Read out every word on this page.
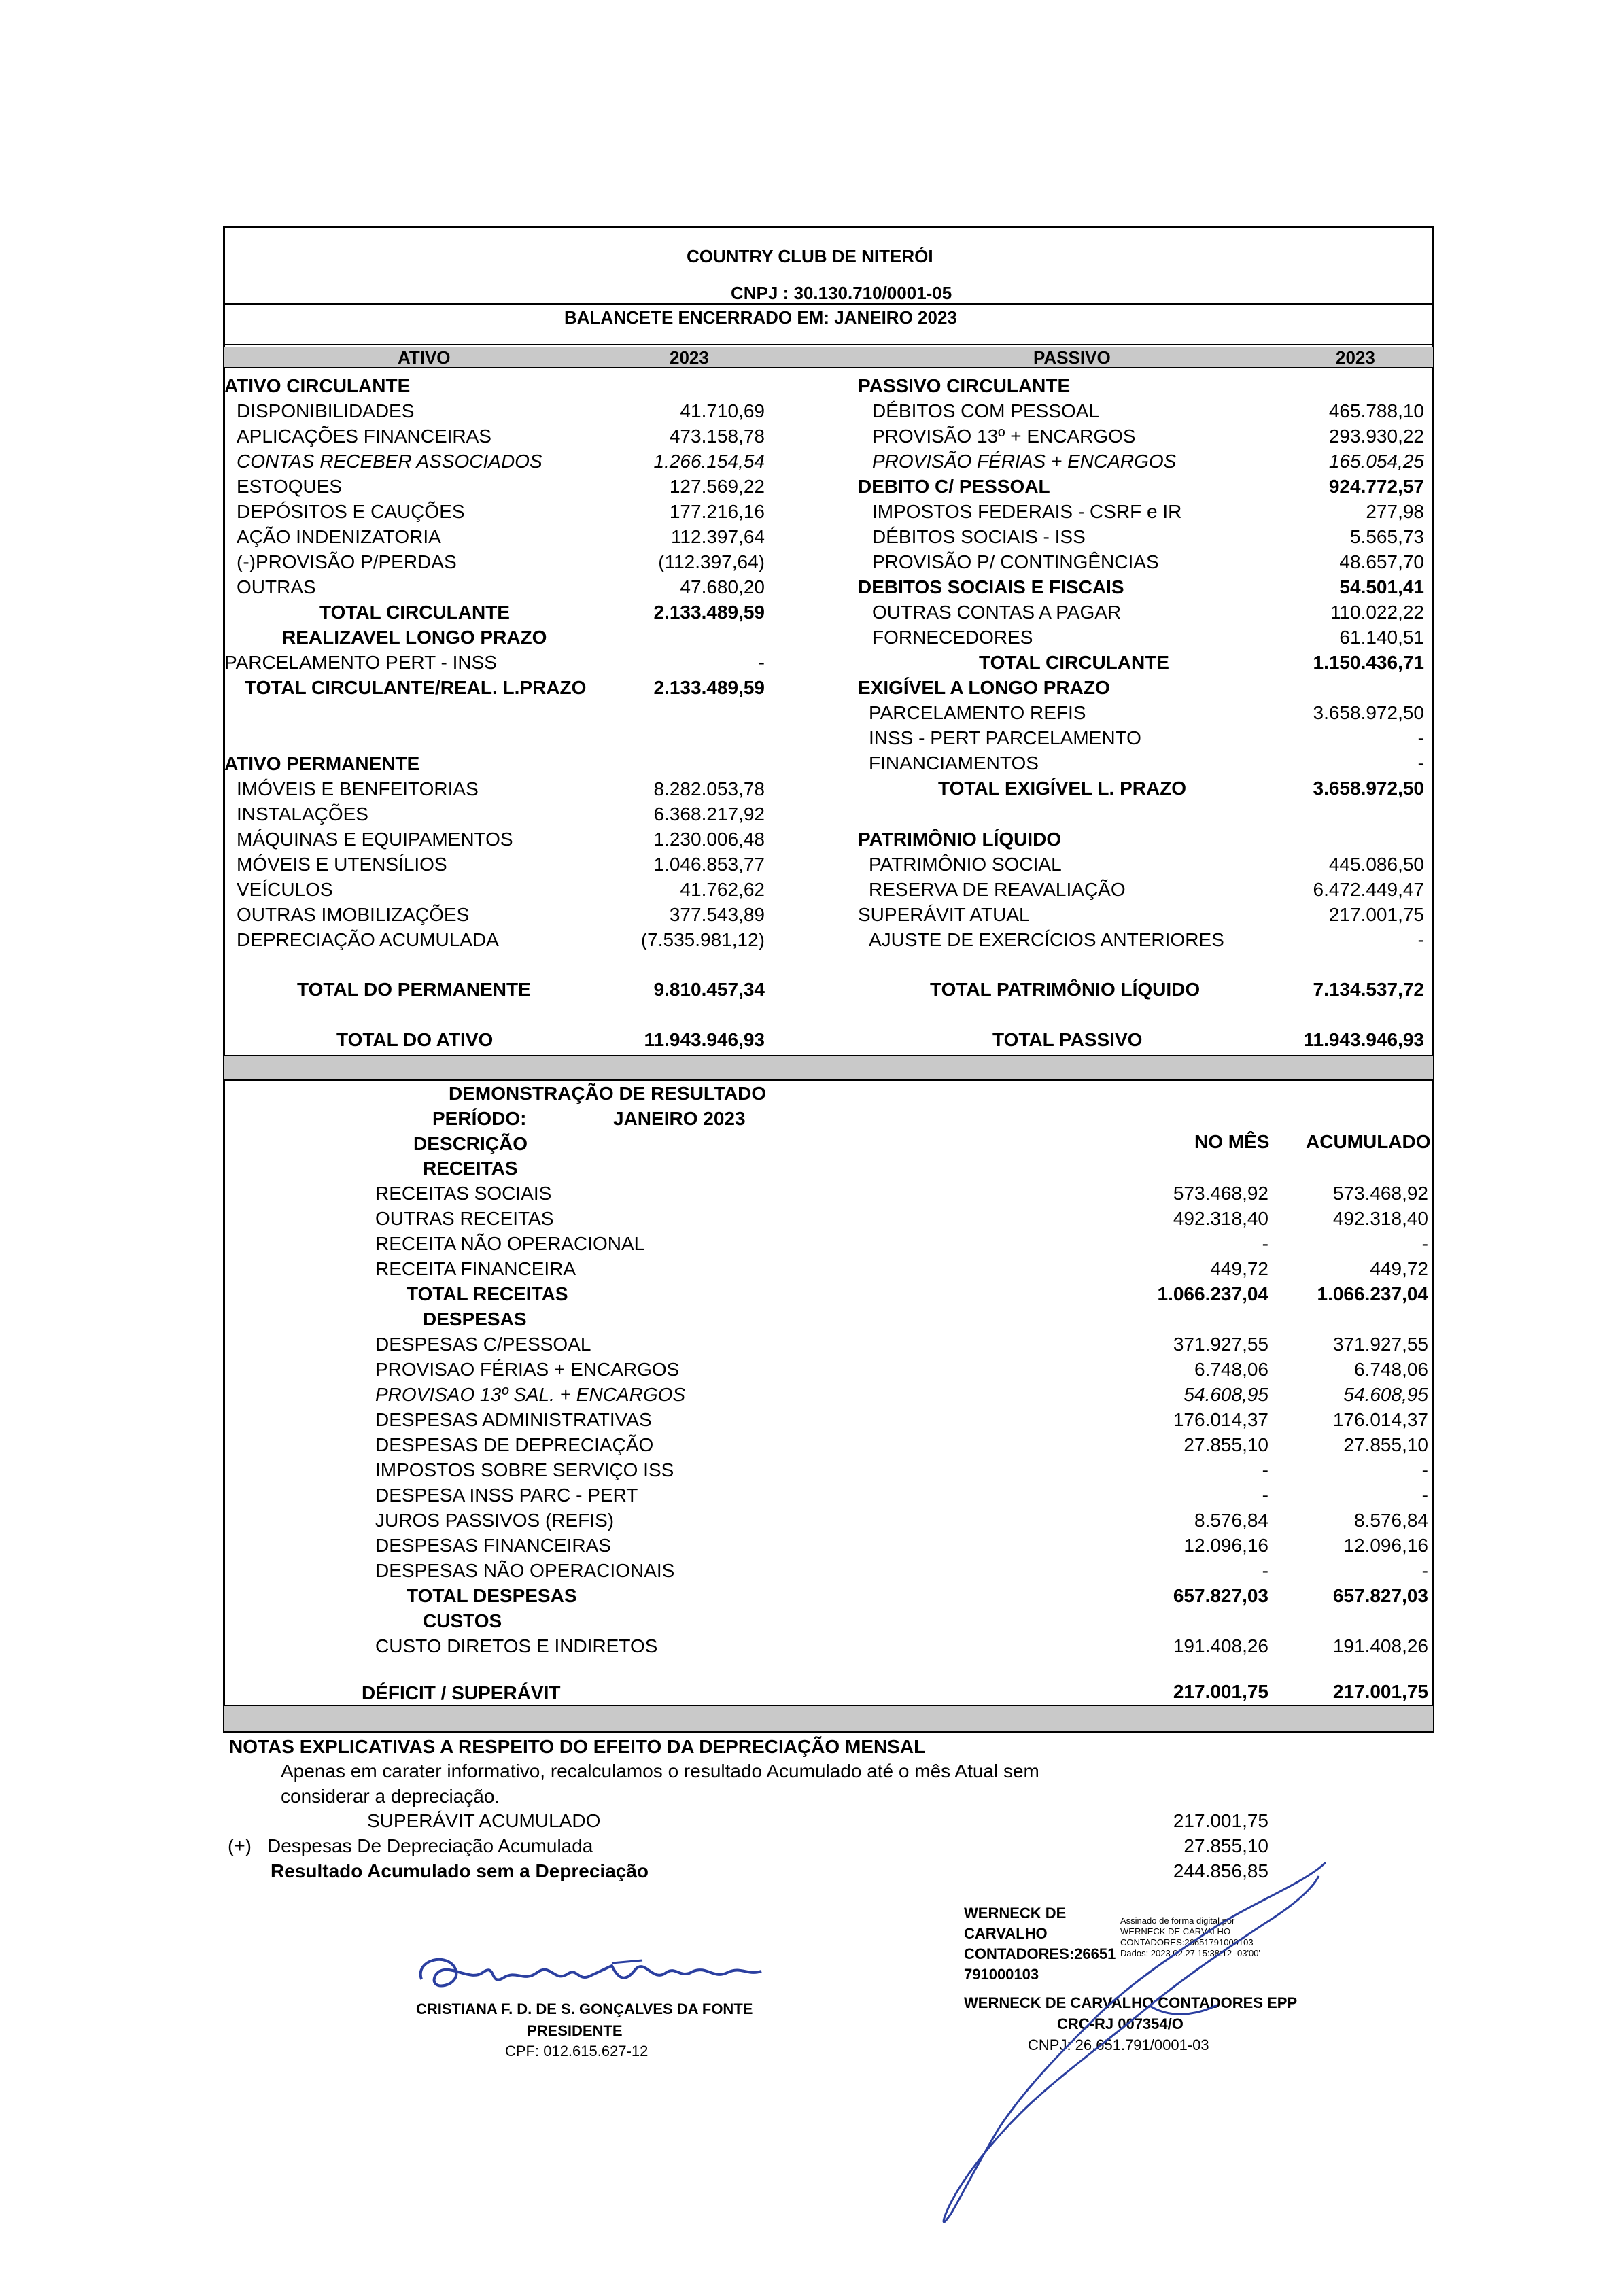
COUNTRY CLUB DE NITERÓI
CNPJ : 30.130.710/0001-05
BALANCETE ENCERRADO EM: JANEIRO 2023
ATIVO	2023	PASSIVO	2023
ATIVO CIRCULANTE
DISPONIBILIDADES	41.710,69
APLICAÇÕES FINANCEIRAS	473.158,78
CONTAS RECEBER ASSOCIADOS	1.266.154,54
ESTOQUES	127.569,22
DEPÓSITOS E CAUÇÕES	177.216,16
AÇÃO INDENIZATORIA	112.397,64
(-)PROVISÃO P/PERDAS	(112.397,64)
OUTRAS	47.680,20
TOTAL CIRCULANTE	2.133.489,59
REALIZAVEL LONGO PRAZO
PARCELAMENTO PERT - INSS	-
TOTAL CIRCULANTE/REAL. L.PRAZO	2.133.489,59
ATIVO PERMANENTE
IMÓVEIS E BENFEITORIAS	8.282.053,78
INSTALAÇÕES	6.368.217,92
MÁQUINAS E EQUIPAMENTOS	1.230.006,48
MÓVEIS E UTENSÍLIOS	1.046.853,77
VEÍCULOS	41.762,62
OUTRAS IMOBILIZAÇÕES	377.543,89
DEPRECIAÇÃO ACUMULADA	(7.535.981,12)
TOTAL DO PERMANENTE	9.810.457,34
TOTAL DO ATIVO	11.943.946,93
PASSIVO CIRCULANTE
DÉBITOS COM PESSOAL	465.788,10
PROVISÃO 13º + ENCARGOS	293.930,22
PROVISÃO FÉRIAS + ENCARGOS	165.054,25
DEBITO C/ PESSOAL	924.772,57
IMPOSTOS FEDERAIS - CSRF e IR	277,98
DÉBITOS SOCIAIS - ISS	5.565,73
PROVISÃO P/ CONTINGÊNCIAS	48.657,70
DEBITOS SOCIAIS E FISCAIS	54.501,41
OUTRAS CONTAS A PAGAR	110.022,22
FORNECEDORES	61.140,51
TOTAL CIRCULANTE	1.150.436,71
EXIGÍVEL A LONGO PRAZO
PARCELAMENTO REFIS	3.658.972,50
INSS - PERT PARCELAMENTO	-
FINANCIAMENTOS	-
TOTAL EXIGÍVEL L. PRAZO	3.658.972,50
PATRIMÔNIO LÍQUIDO
PATRIMÔNIO SOCIAL	445.086,50
RESERVA DE REAVALIAÇÃO	6.472.449,47
SUPERÁVIT ATUAL	217.001,75
AJUSTE DE EXERCÍCIOS ANTERIORES	-
TOTAL PATRIMÔNIO LÍQUIDO	7.134.537,72
TOTAL PASSIVO	11.943.946,93
DEMONSTRAÇÃO DE RESULTADO
PERÍODO:	JANEIRO 2023
DESCRIÇÃO	NO MÊS ACUMULADO
RECEITAS
RECEITAS SOCIAIS	573.468,92	573.468,92
OUTRAS RECEITAS	492.318,40	492.318,40
RECEITA NÃO OPERACIONAL	-	-
RECEITA FINANCEIRA	449,72	449,72
TOTAL RECEITAS	1.066.237,04	1.066.237,04
DESPESAS
DESPESAS C/PESSOAL	371.927,55	371.927,55
PROVISAO FÉRIAS + ENCARGOS	6.748,06	6.748,06
PROVISAO 13º SAL. + ENCARGOS	54.608,95	54.608,95
DESPESAS ADMINISTRATIVAS	176.014,37	176.014,37
DESPESAS DE DEPRECIAÇÃO	27.855,10	27.855,10
IMPOSTOS SOBRE SERVIÇO ISS	-	-
DESPESA INSS PARC - PERT	-	-
JUROS PASSIVOS (REFIS)	8.576,84	8.576,84
DESPESAS FINANCEIRAS	12.096,16	12.096,16
DESPESAS NÃO OPERACIONAIS	-	-
TOTAL DESPESAS	657.827,03	657.827,03
CUSTOS
CUSTO DIRETOS E INDIRETOS	191.408,26	191.408,26
DÉFICIT / SUPERÁVIT	217.001,75	217.001,75
NOTAS EXPLICATIVAS A RESPEITO DO EFEITO DA DEPRECIAÇÃO MENSAL
Apenas em carater informativo, recalculamos o resultado Acumulado até o mês Atual sem
considerar a depreciação.
SUPERÁVIT ACUMULADO	217.001,75
(+) Despesas De Depreciação Acumulada	27.855,10
Resultado Acumulado sem a Depreciação	244.856,85
CRISTIANA F. D. DE S. GONÇALVES DA FONTE
PRESIDENTE
CPF: 012.615.627-12
WERNECK DE
CARVALHO
CONTADORES:26651
791000103
Assinado de forma digital por
WERNECK DE CARVALHO
CONTADORES:26651791000103
Dados: 2023.02.27 15:38:12 -03'00'
WERNECK DE CARVALHO CONTADORES EPP
CRC-RJ 007354/O
CNPJ: 26.651.791/0001-03
